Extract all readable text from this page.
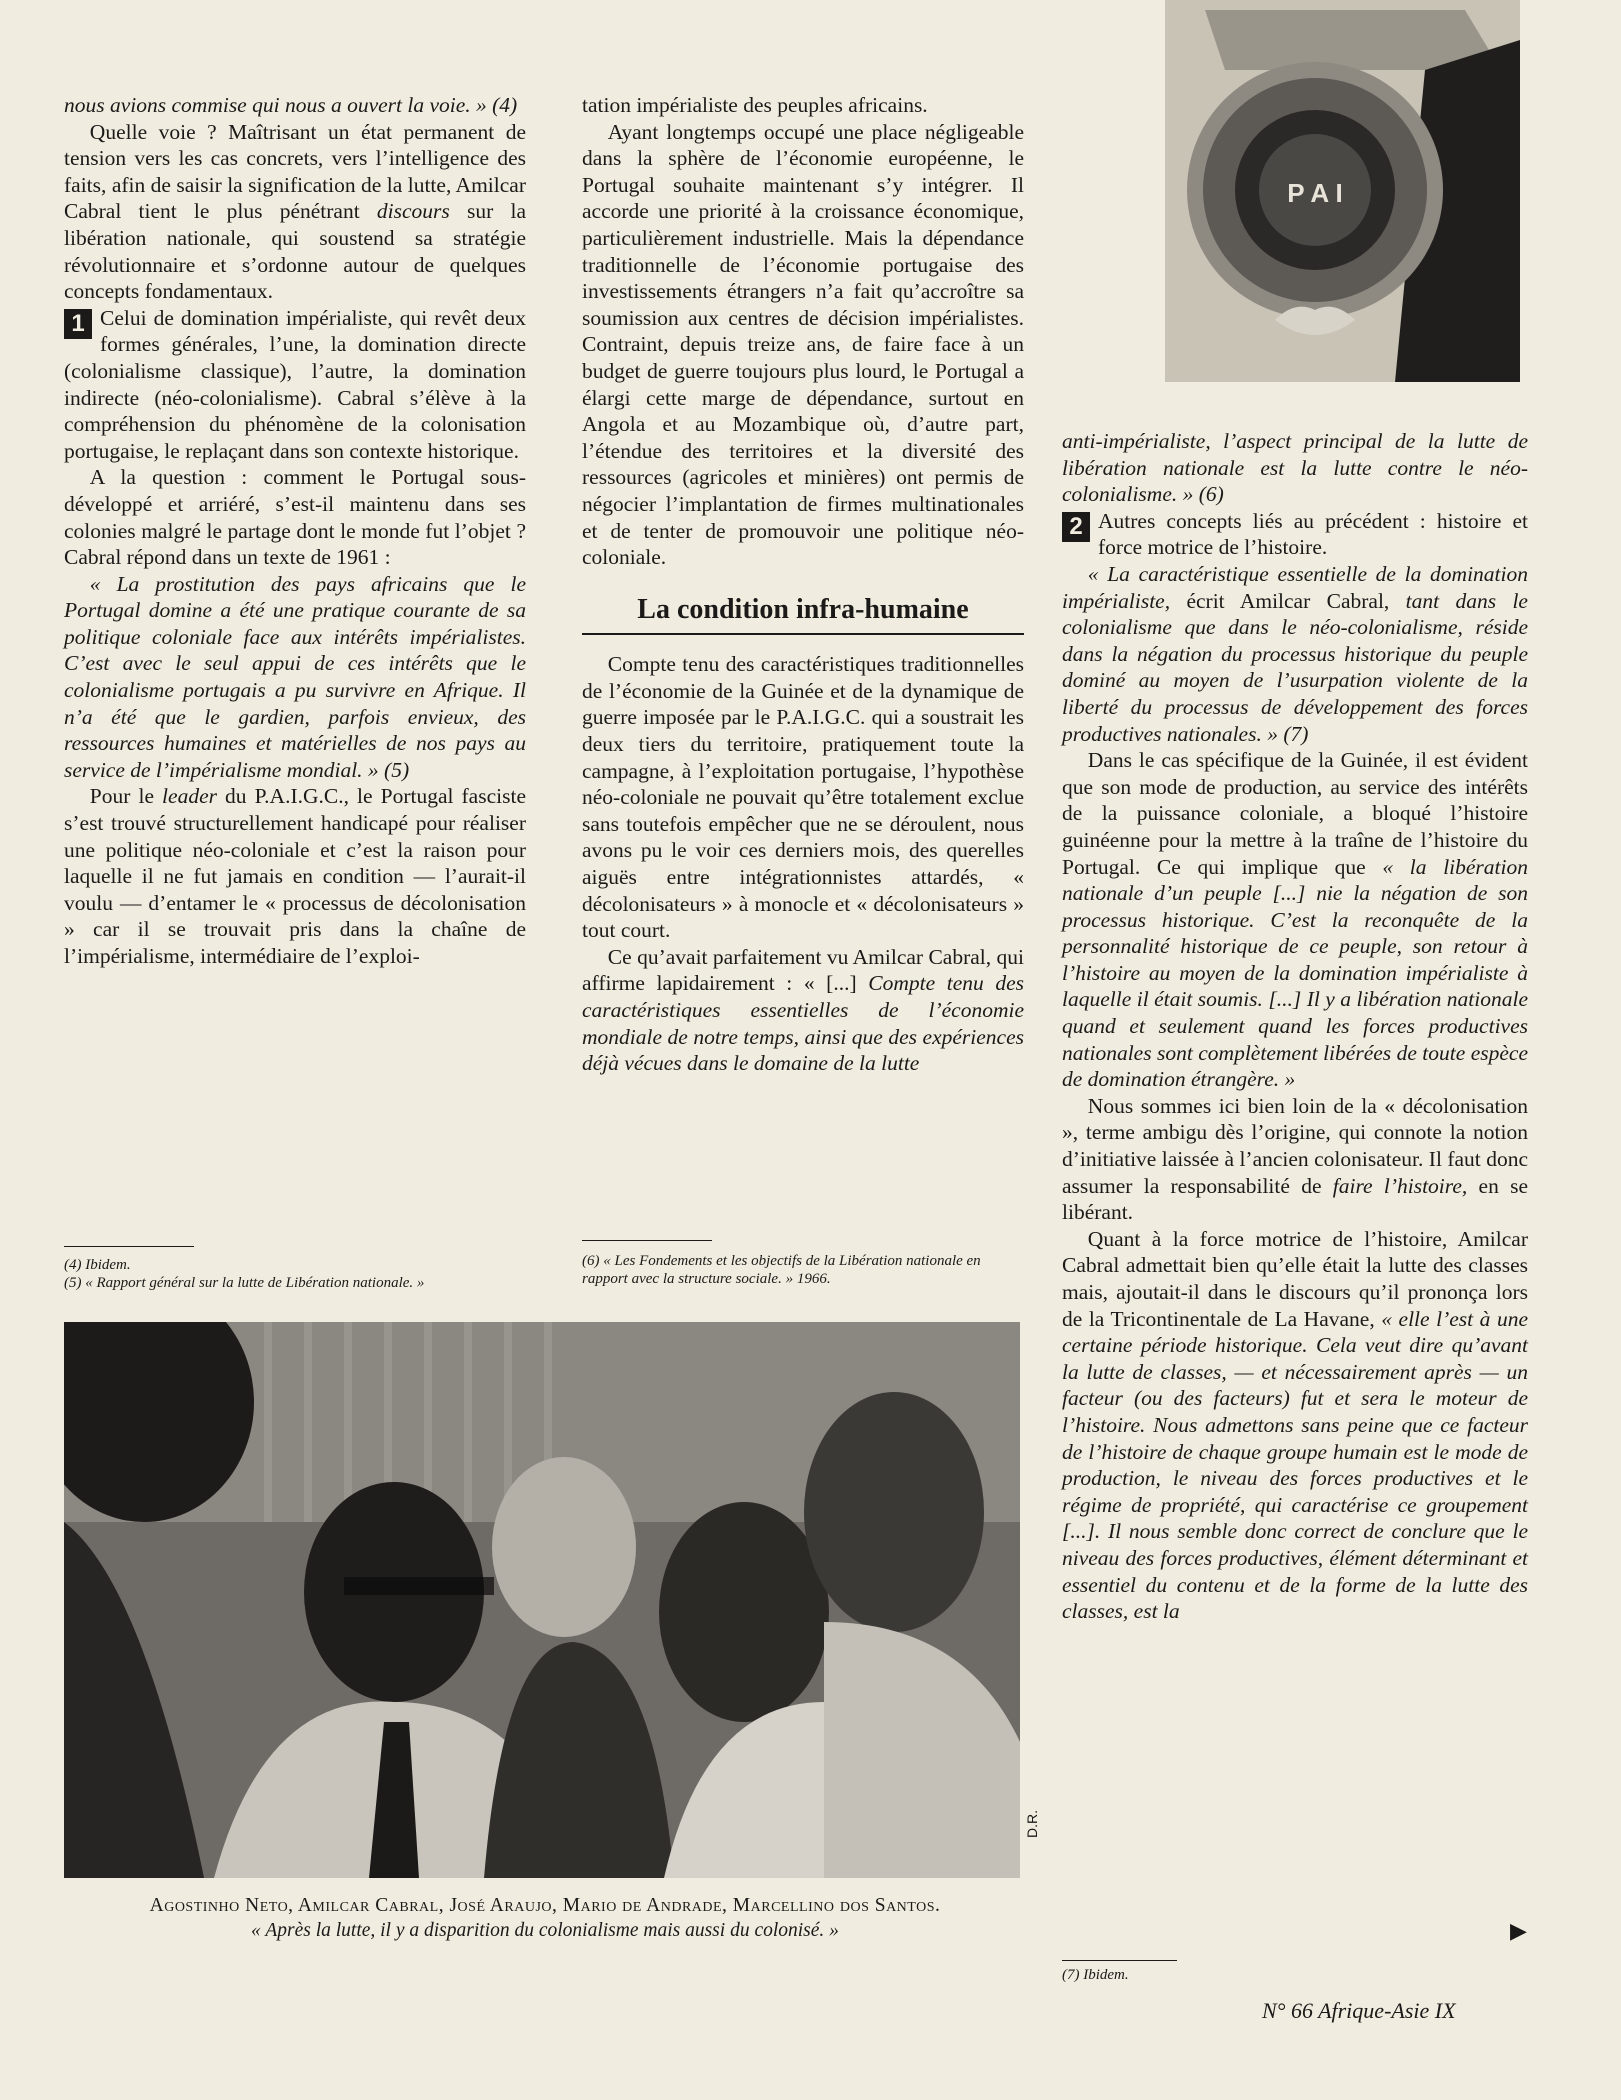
P A I

nous avions commise qui nous a ouvert la voie. » (4)

Quelle voie ? Maîtrisant un état permanent de tension vers les cas concrets, vers l’intelligence des faits, afin de saisir la signification de la lutte, Amilcar Cabral tient le plus pénétrant discours sur la libération nationale, qui soustend sa stratégie révolutionnaire et s’ordonne autour de quelques concepts fondamentaux.

1 Celui de domination impérialiste, qui revêt deux formes générales, l’une, la domination directe (colonialisme classique), l’autre, la domination indirecte (néo-colonialisme). Cabral s’élève à la compréhension du phénomène de la colonisation portugaise, le replaçant dans son contexte historique.

A la question : comment le Portugal sous-développé et arriéré, s’est-il maintenu dans ses colonies malgré le partage dont le monde fut l’objet ? Cabral répond dans un texte de 1961 :

« La prostitution des pays africains que le Portugal domine a été une pratique courante de sa politique coloniale face aux intérêts impérialistes. C’est avec le seul appui de ces intérêts que le colonialisme portugais a pu survivre en Afrique. Il n’a été que le gardien, parfois envieux, des ressources humaines et matérielles de nos pays au service de l’impérialisme mondial. » (5)

Pour le leader du P.A.I.G.C., le Portugal fasciste s’est trouvé structurellement handicapé pour réaliser une politique néo-coloniale et c’est la raison pour laquelle il ne fut jamais en condition — l’aurait-il voulu — d’entamer le « processus de décolonisation » car il se trouvait pris dans la chaîne de l’impérialisme, intermédiaire de l’exploi-

tation impérialiste des peuples africains.

Ayant longtemps occupé une place négligeable dans la sphère de l’économie européenne, le Portugal souhaite maintenant s’y intégrer. Il accorde une priorité à la croissance économique, particulièrement industrielle. Mais la dépendance traditionnelle de l’économie portugaise des investissements étrangers n’a fait qu’accroître sa soumission aux centres de décision impérialistes. Contraint, depuis treize ans, de faire face à un budget de guerre toujours plus lourd, le Portugal a élargi cette marge de dépendance, surtout en Angola et au Mozambique où, d’autre part, l’étendue des territoires et la diversité des ressources (agricoles et minières) ont permis de négocier l’implantation de firmes multinationales et de tenter de promouvoir une politique néo-coloniale.

La condition infra-humaine

Compte tenu des caractéristiques traditionnelles de l’économie de la Guinée et de la dynamique de guerre imposée par le P.A.I.G.C. qui a soustrait les deux tiers du territoire, pratiquement toute la campagne, à l’exploitation portugaise, l’hypothèse néo-coloniale ne pouvait qu’être totalement exclue sans toutefois empêcher que ne se déroulent, nous avons pu le voir ces derniers mois, des querelles aiguës entre intégrationnistes attardés, « décolonisateurs » à monocle et « décolonisateurs » tout court.

Ce qu’avait parfaitement vu Amilcar Cabral, qui affirme lapidairement : « [...] Compte tenu des caractéristiques essentielles de l’économie mondiale de notre temps, ainsi que des expériences déjà vécues dans le domaine de la lutte

anti-impérialiste, l’aspect principal de la lutte de libération nationale est la lutte contre le néo-colonialisme. » (6)

2 Autres concepts liés au précédent : histoire et force motrice de l’histoire.

« La caractéristique essentielle de la domination impérialiste, écrit Amilcar Cabral, tant dans le colonialisme que dans le néo-colonialisme, réside dans la négation du processus historique du peuple dominé au moyen de l’usurpation violente de la liberté du processus de développement des forces productives nationales. » (7)

Dans le cas spécifique de la Guinée, il est évident que son mode de production, au service des intérêts de la puissance coloniale, a bloqué l’histoire guinéenne pour la mettre à la traîne de l’histoire du Portugal. Ce qui implique que « la libération nationale d’un peuple [...] nie la négation de son processus historique. C’est la reconquête de la personnalité historique de ce peuple, son retour à l’histoire au moyen de la domination impérialiste à laquelle il était soumis. [...] Il y a libération nationale quand et seulement quand les forces productives nationales sont complètement libérées de toute espèce de domination étrangère. »

Nous sommes ici bien loin de la « décolonisation », terme ambigu dès l’origine, qui connote la notion d’initiative laissée à l’ancien colonisateur. Il faut donc assumer la responsabilité de faire l’histoire, en se libérant.

Quant à la force motrice de l’histoire, Amilcar Cabral admettait bien qu’elle était la lutte des classes mais, ajoutait-il dans le discours qu’il prononça lors de la Tricontinentale de La Havane, « elle l’est à une certaine période historique. Cela veut dire qu’avant la lutte de classes, — et nécessairement après — un facteur (ou des facteurs) fut et sera le moteur de l’histoire. Nous admettons sans peine que ce facteur de l’histoire de chaque groupe humain est le mode de production, le niveau des forces productives et le régime de propriété, qui caractérise ce groupement [...]. Il nous semble donc correct de conclure que le niveau des forces productives, élément déterminant et essentiel du contenu et de la forme de la lutte des classes, est la

(4) Ibidem.
(5) « Rapport général sur la lutte de Libération nationale. »
(6) « Les Fondements et les objectifs de la Libération nationale en rapport avec la structure sociale. » 1966.
(7) Ibidem.
D.R.
Agostinho Neto, Amilcar Cabral, José Araujo, Mario de Andrade, Marcellino dos Santos.
« Après la lutte, il y a disparition du colonialisme mais aussi du colonisé. »	▶
N° 66 Afrique-Asie IX
